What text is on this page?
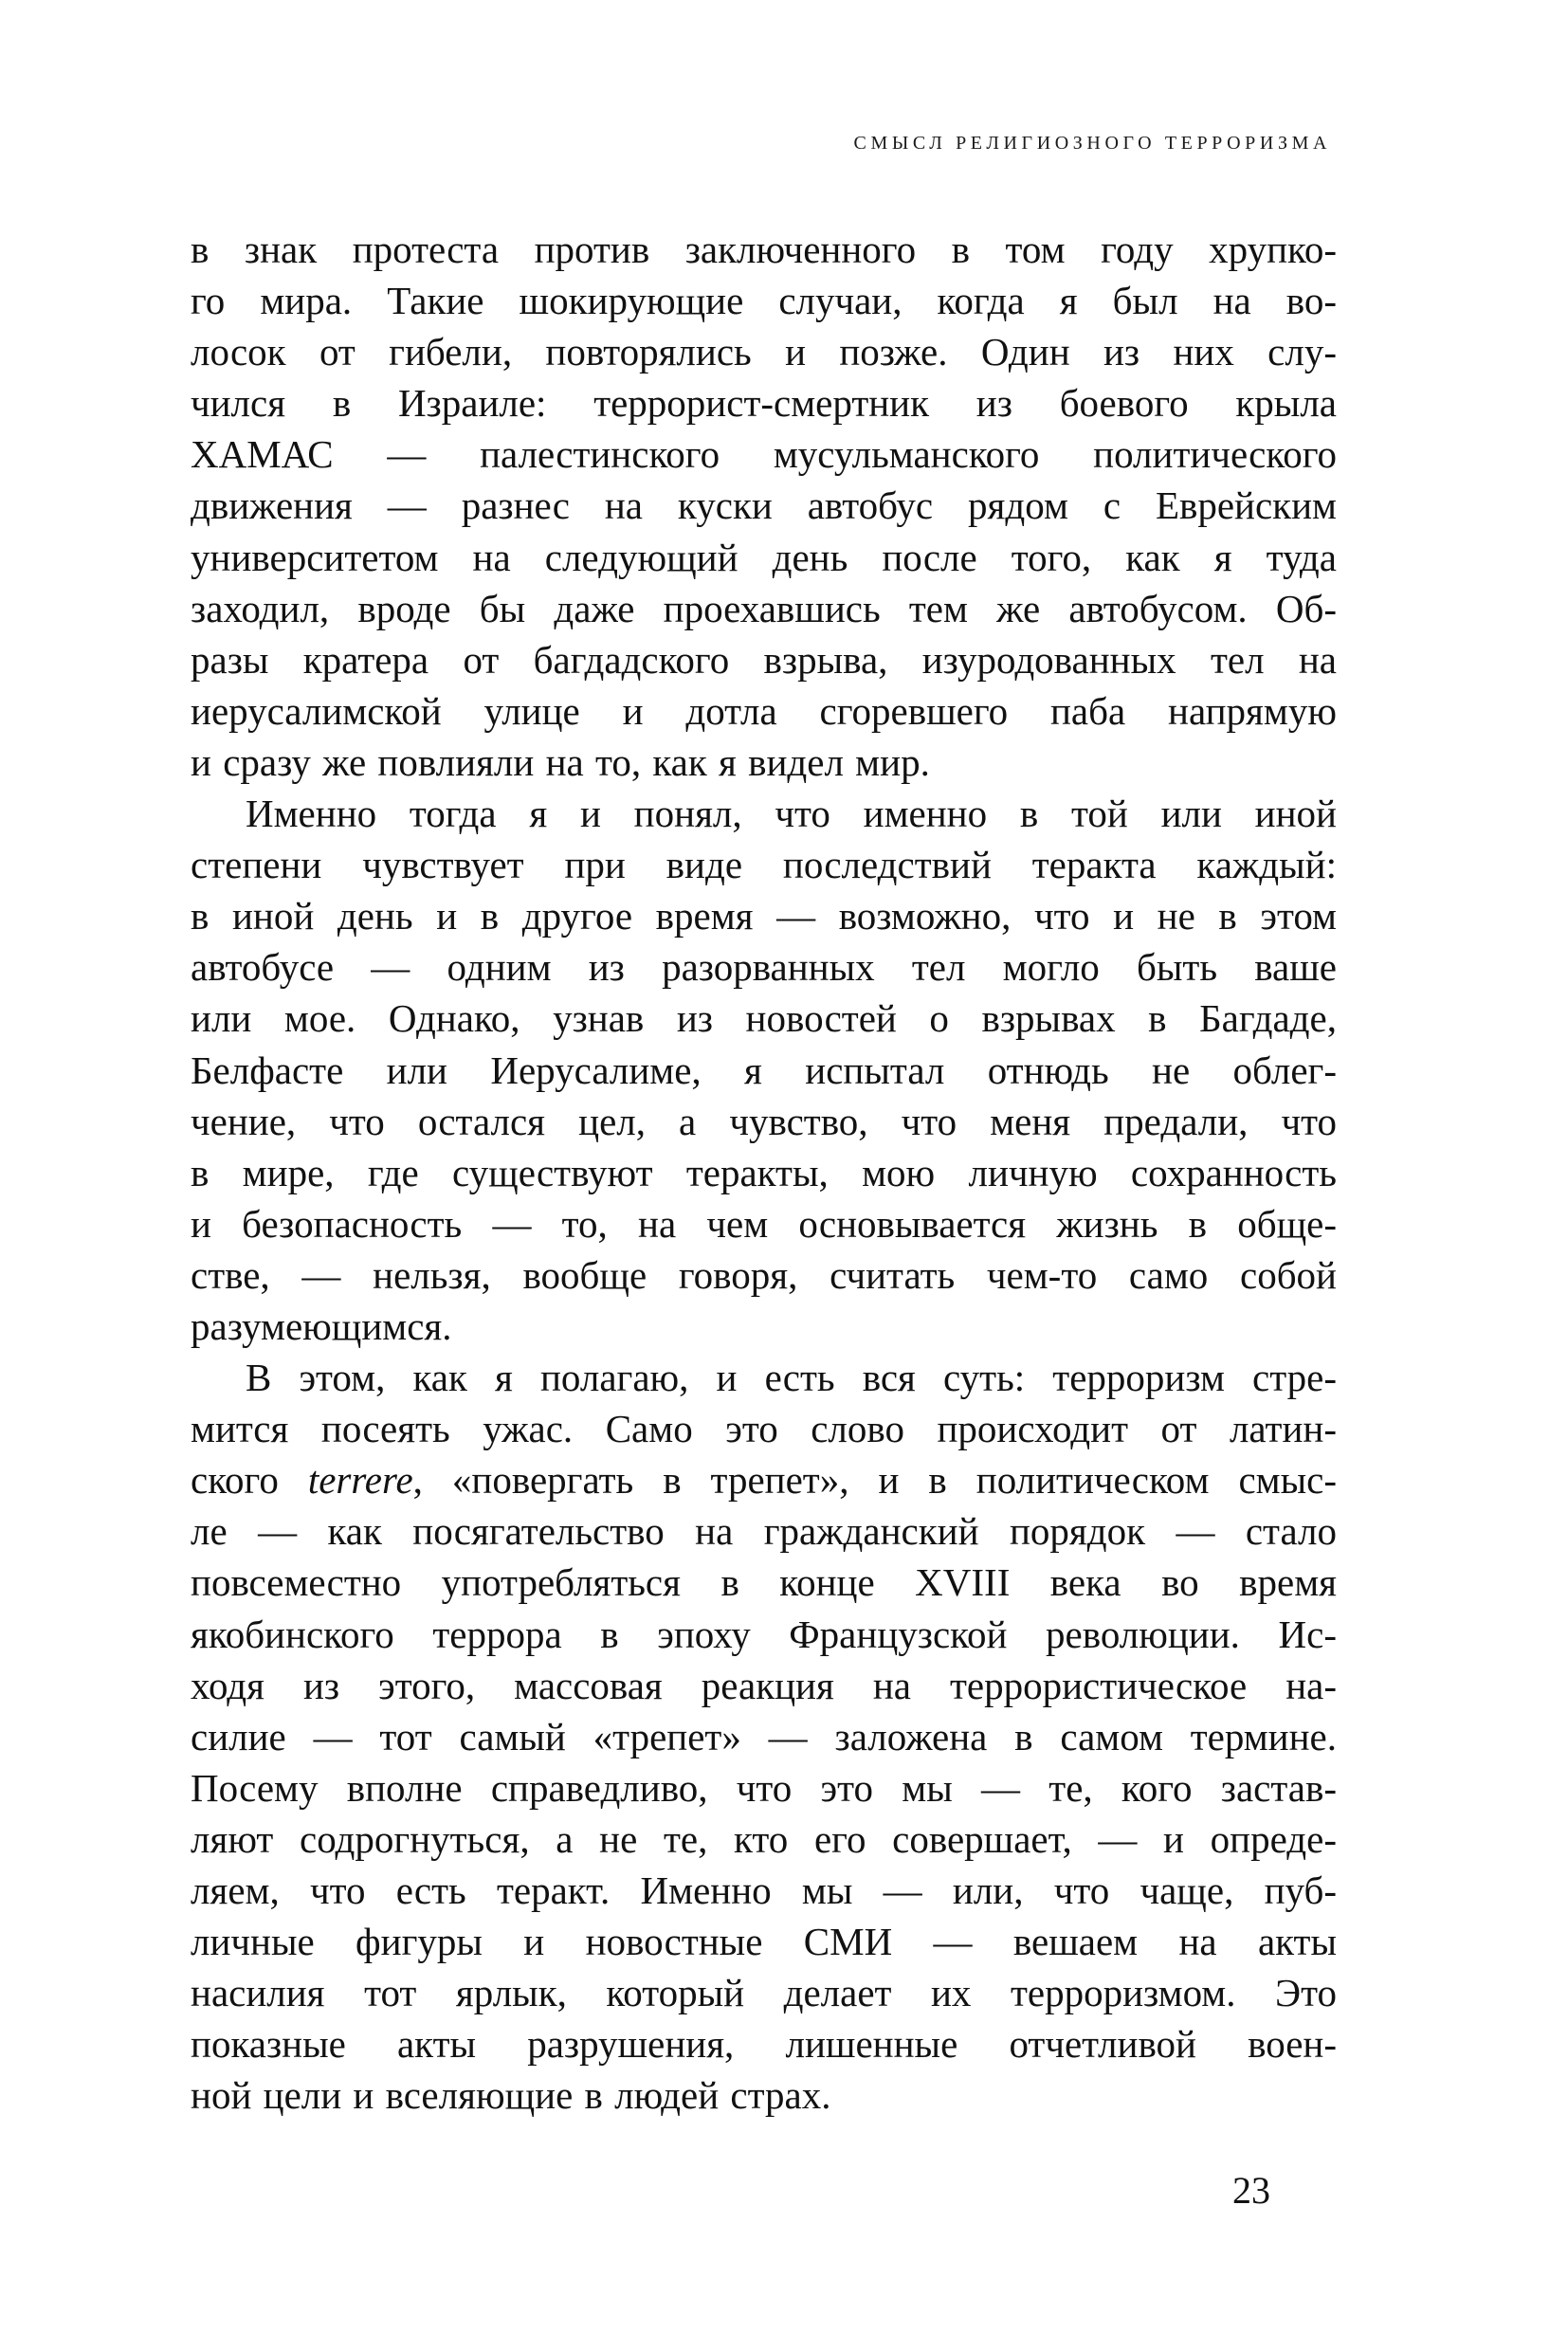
СМЫСЛ РЕЛИГИОЗНОГО ТЕРРОРИЗМА
в знак протеста против заключенного в том году хрупко-
го мира. Такие шокирующие случаи, когда я был на во-
лосок от гибели, повторялись и позже. Один из них слу-
чился в Израиле: террорист-смертник из боевого крыла
ХАМАС — палестинского мусульманского политического
движения — разнес на куски автобус рядом с Еврейским
университетом на следующий день после того, как я туда
заходил, вроде бы даже проехавшись тем же автобусом. Об-
разы кратера от багдадского взрыва, изуродованных тел на
иерусалимской улице и дотла сгоревшего паба напрямую
и сразу же повлияли на то, как я видел мир.
Именно тогда я и понял, что именно в той или иной
степени чувствует при виде последствий теракта каждый:
в иной день и в другое время — возможно, что и не в этом
автобусе — одним из разорванных тел могло быть ваше
или мое. Однако, узнав из новостей о взрывах в Багдаде,
Белфасте или Иерусалиме, я испытал отнюдь не облег-
чение, что остался цел, а чувство, что меня предали, что
в мире, где существуют теракты, мою личную сохранность
и безопасность — то, на чем основывается жизнь в обще-
стве, — нельзя, вообще говоря, считать чем-то само собой
разумеющимся.
В этом, как я полагаю, и есть вся суть: терроризм стре-
мится посеять ужас. Само это слово происходит от латин-
ского terrere, «повергать в трепет», и в политическом смыс-
ле — как посягательство на гражданский порядок — стало
повсеместно употребляться в конце XVIII века во время
якобинского террора в эпоху Французской революции. Ис-
ходя из этого, массовая реакция на террористическое на-
силие — тот самый «трепет» — заложена в самом термине.
Посему вполне справедливо, что это мы — те, кого застав-
ляют содрогнуться, а не те, кто его совершает, — и опреде-
ляем, что есть теракт. Именно мы — или, что чаще, пуб-
личные фигуры и новостные СМИ — вешаем на акты
насилия тот ярлык, который делает их терроризмом. Это
показные акты разрушения, лишенные отчетливой воен-
ной цели и вселяющие в людей страх.
23
